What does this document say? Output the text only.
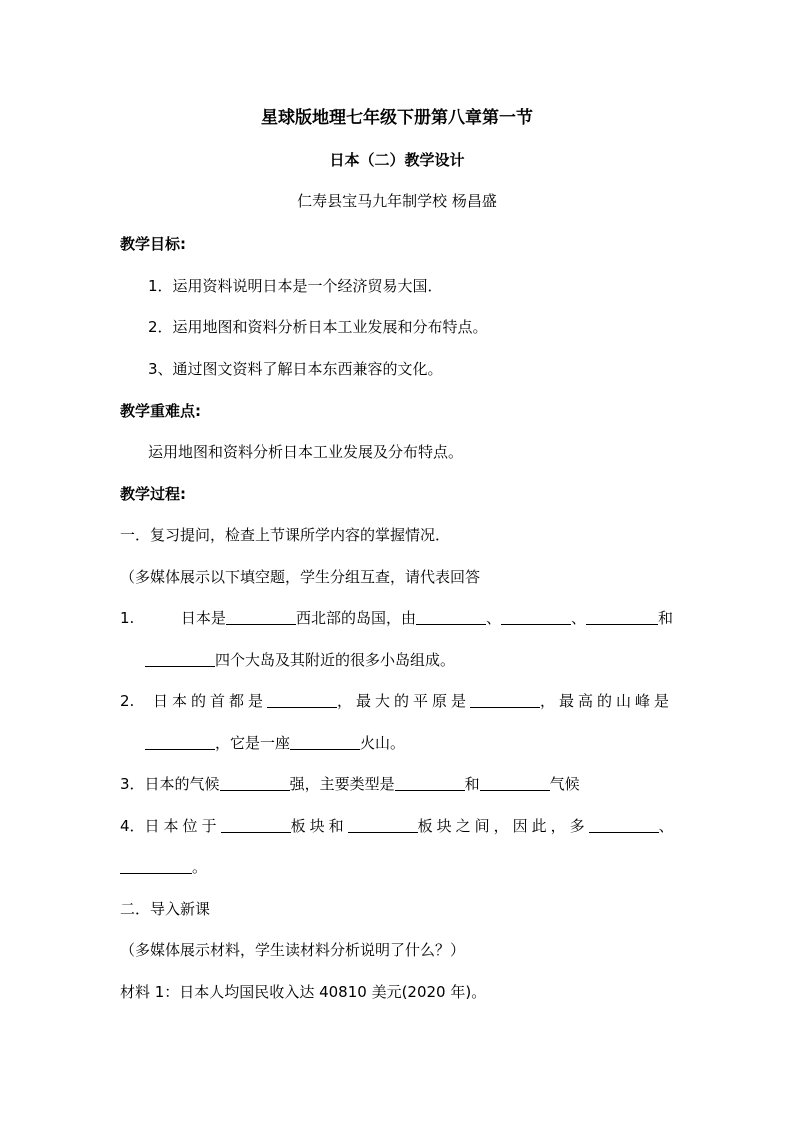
星球版地理七年级下册第八章第一节
日本（二）教学设计
仁寿县宝马九年制学校 杨昌盛
教学目标:
1．运用资料说明日本是一个经济贸易大国．
2．运用地图和资料分析日本工业发展和分布特点。
3、通过图文资料了解日本东西兼容的文化。
教学重难点:
运用地图和资料分析日本工业发展及分布特点。
教学过程:
一．复习提问，检查上节课所学内容的掌握情况．
（多媒体展示以下填空题，学生分组互查，请代表回答
1.	日本是	西北部的岛国，由	、	、	和
四个大岛及其附近的很多小岛组成。
2. 日本的首都是	，最大的平原是	，最高的山峰是
，它是一座	火山。
3．日本的气候	强，主要类型是	和	气候
4． 日本位于	板块和	板块之间，因此，多	、
。
二．导入新课
（多媒体展示材料，学生读材料分析说明了什么？）
材料 1：日本人均国民收入达 40810 美元(2020 年)。
